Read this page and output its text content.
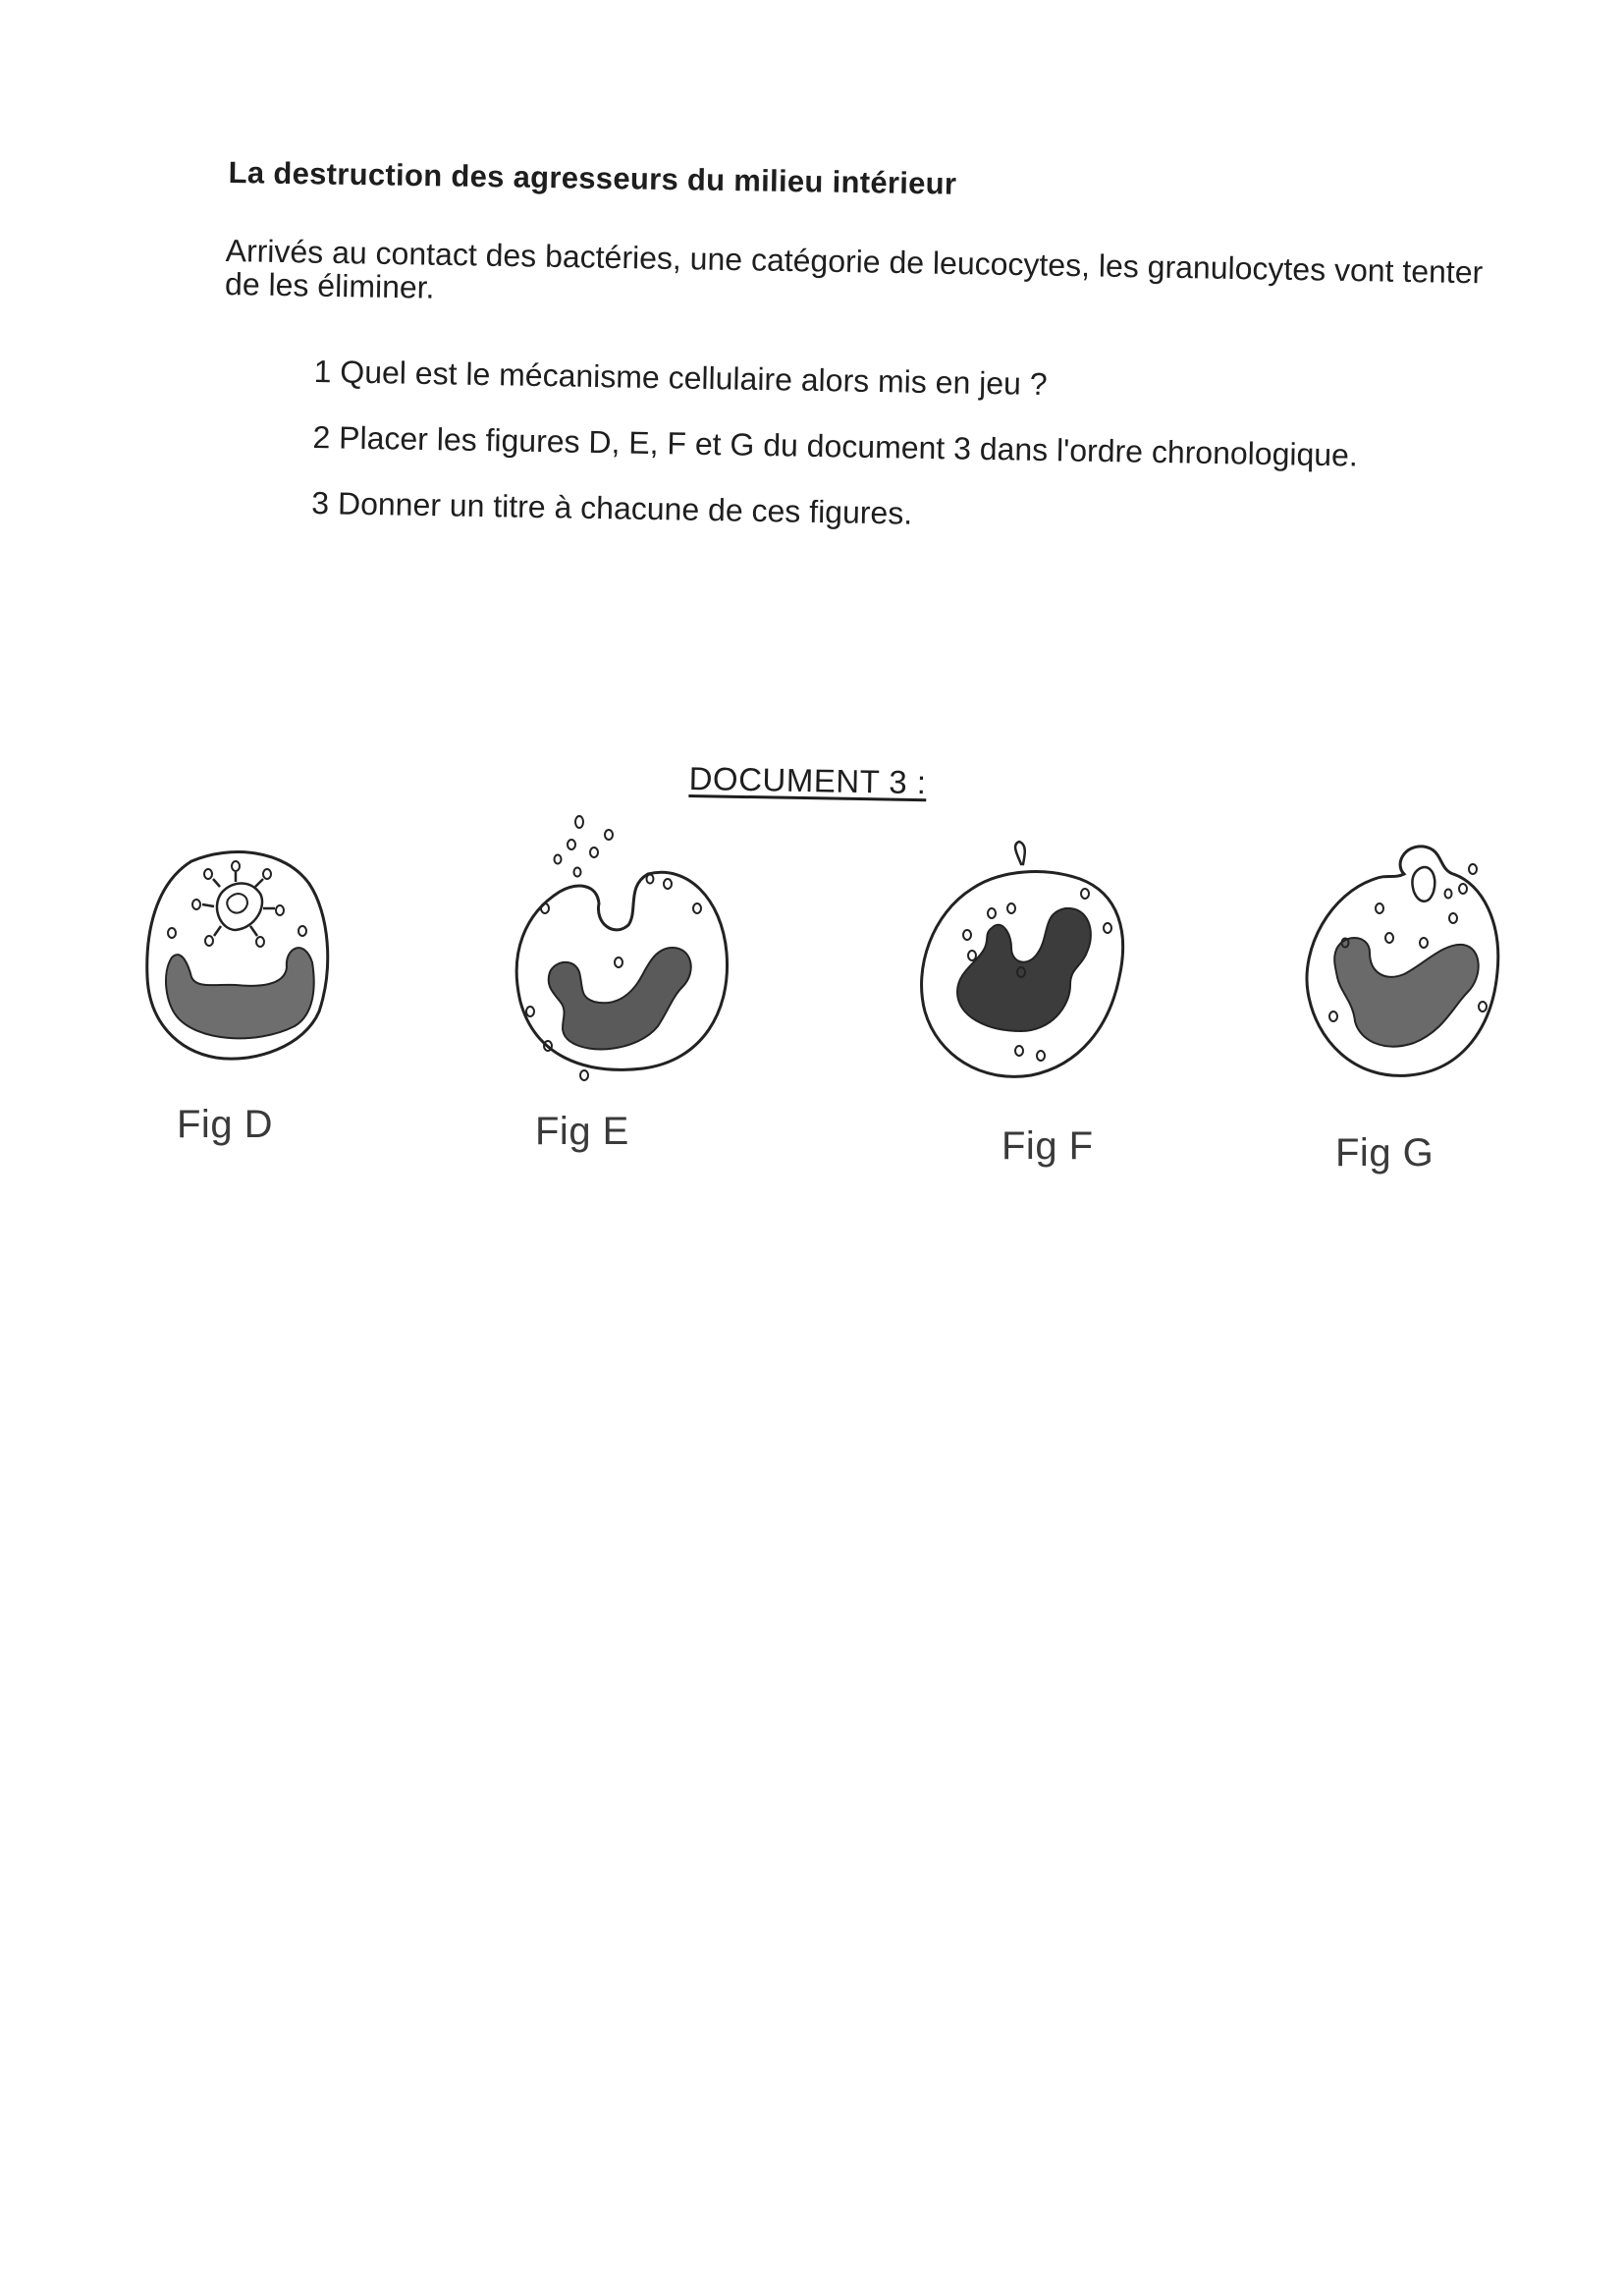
La destruction des agresseurs du milieu intérieur
Arrivés au contact des bactéries, une catégorie de leucocytes, les granulocytes vont tenter de les éliminer.
1 Quel est le mécanisme cellulaire alors mis en jeu ?
2 Placer les figures D, E, F et G du document 3 dans l'ordre chronologique.
3 Donner un titre à chacune de ces figures.
DOCUMENT 3 :
Fig D	Fig E	Fig F	Fig G
